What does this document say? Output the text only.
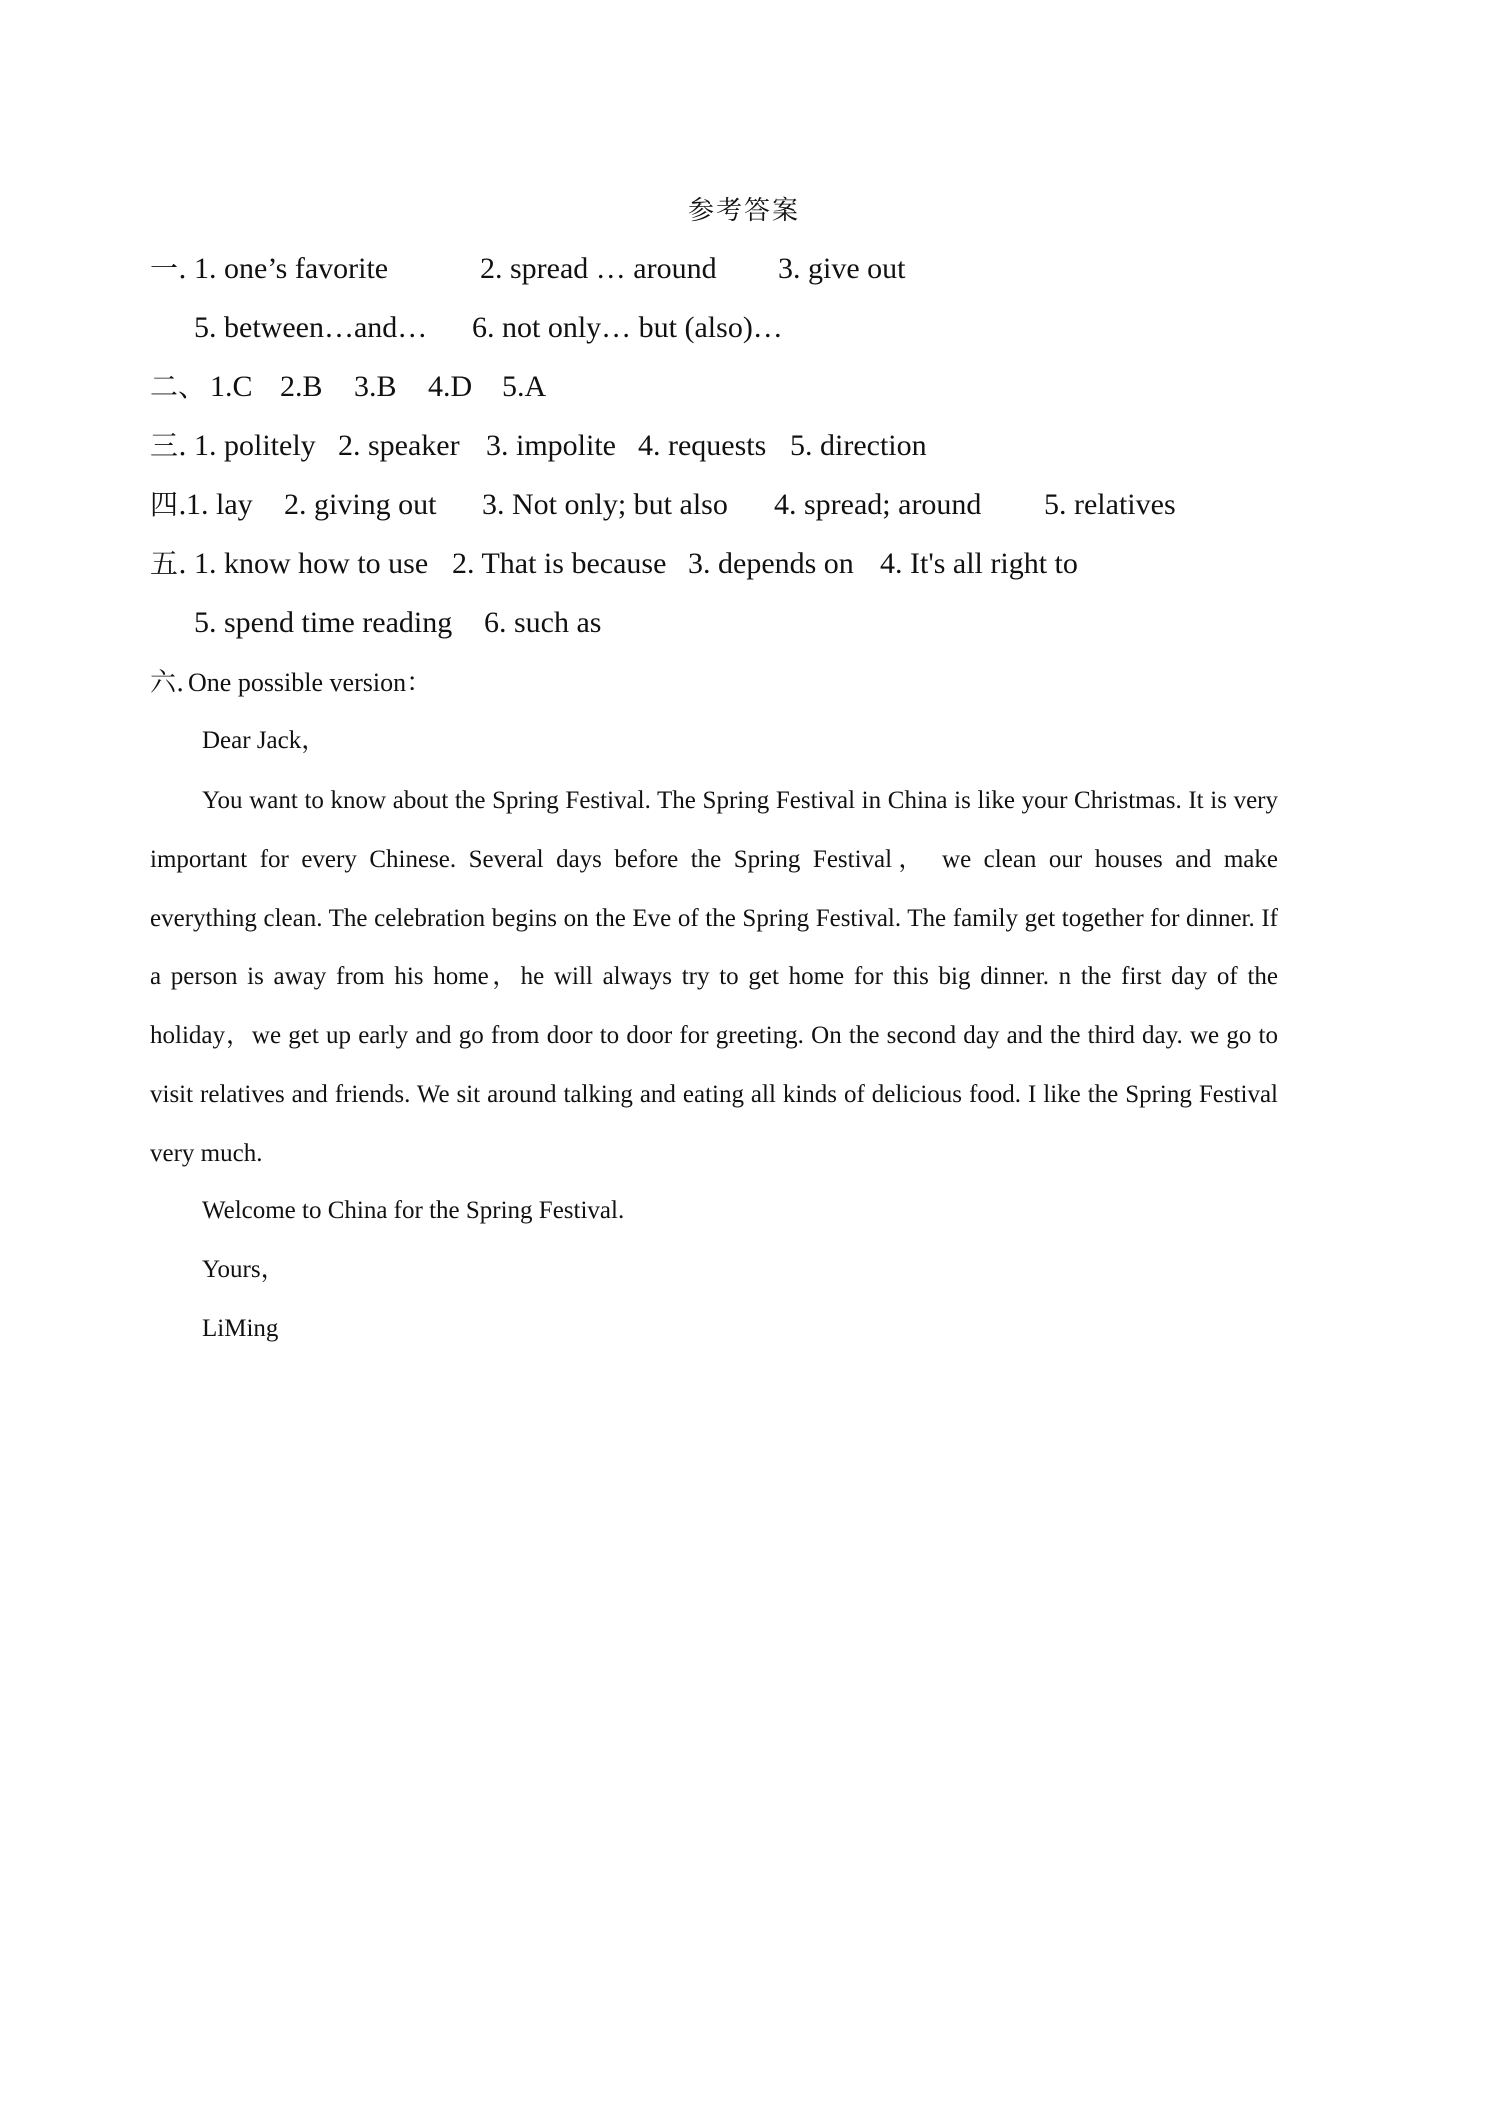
参考答案
一. 1. one’s favorite	2. spread … around 3. give out
5. between…and… 6. not only… but (also)…
二、 1.C 2.B 3.B 4.D 5.A
三. 1. politely 2. speaker 3. impolite 4. requests 5. direction
四. 1. lay 2. giving out 3. Not only; but also 4. spread; around 5. relatives
五. 1. know how to use 2. That is because 3. depends on 4. It's all right to
5. spend time reading 6. such as
六. One possible version：
Dear Jack，

You want to know about the Spring Festival. The Spring Festival in China is like your Christmas. It is very important for every Chinese. Several days before the Spring Festival， we clean our houses and make everything clean. The celebration begins on the Eve of the Spring Festival. The family get together for dinner. If a person is away from his home，he will always try to get home for this big dinner. n the first day of the holiday，we get up early and go from door to door for greeting. On the second day and the third day. we go to visit relatives and friends. We sit around talking and eating all kinds of delicious food. I like the Spring Festival very much.

Welcome to China for the Spring Festival.
Yours，
LiMing
